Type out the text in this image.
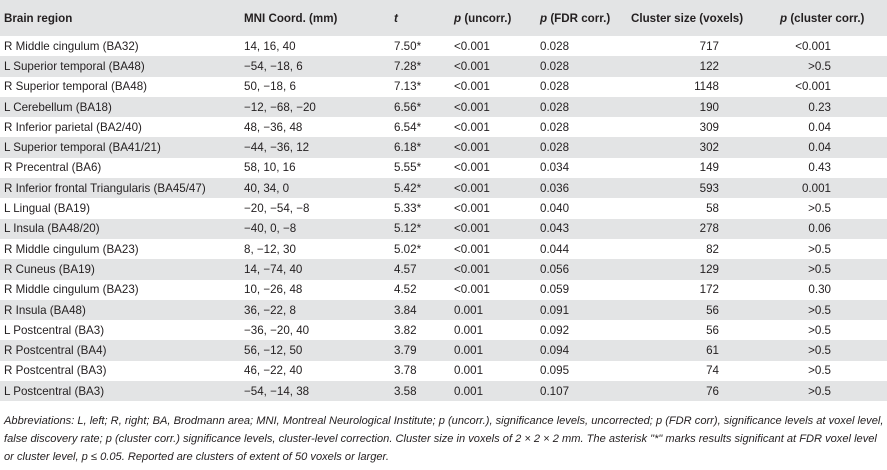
Brain region	MNI Coord. (mm)	t	p (uncorr.)	p (FDR corr.)	Cluster size (voxels)	p (cluster corr.)
R Middle cingulum (BA32)	14, 16, 40	7.50*	<0.001	0.028	717	<0.001
L Superior temporal (BA48)	−54, −18, 6	7.28*	<0.001	0.028	122	>0.5
R Superior temporal (BA48)	50, −18, 6	7.13*	<0.001	0.028	1148	<0.001
L Cerebellum (BA18)	−12, −68, −20	6.56*	<0.001	0.028	190	0.23
R Inferior parietal (BA2/40)	48, −36, 48	6.54*	<0.001	0.028	309	0.04
L Superior temporal (BA41/21)	−44, −36, 12	6.18*	<0.001	0.028	302	0.04
R Precentral (BA6)	58, 10, 16	5.55*	<0.001	0.034	149	0.43
R Inferior frontal Triangularis (BA45/47)	40, 34, 0	5.42*	<0.001	0.036	593	0.001
L Lingual (BA19)	−20, −54, −8	5.33*	<0.001	0.040	58	>0.5
L Insula (BA48/20)	−40, 0, −8	5.12*	<0.001	0.043	278	0.06
R Middle cingulum (BA23)	8, −12, 30	5.02*	<0.001	0.044	82	>0.5
R Cuneus (BA19)	14, −74, 40	4.57	<0.001	0.056	129	>0.5
R Middle cingulum (BA23)	10, −26, 48	4.52	<0.001	0.059	172	0.30
R Insula (BA48)	36, −22, 8	3.84	0.001	0.091	56	>0.5
L Postcentral (BA3)	−36, −20, 40	3.82	0.001	0.092	56	>0.5
R Postcentral (BA4)	56, −12, 50	3.79	0.001	0.094	61	>0.5
R Postcentral (BA3)	46, −22, 40	3.78	0.001	0.095	74	>0.5
L Postcentral (BA3)	−54, −14, 38	3.58	0.001	0.107	76	>0.5
Abbreviations: L, left; R, right; BA, Brodmann area; MNI, Montreal Neurological Institute; p (uncorr.), significance levels, uncorrected; p (FDR corr), significance levels at voxel level, false discovery rate; p (cluster corr.) significance levels, cluster-level correction. Cluster size in voxels of 2 × 2 × 2 mm. The asterisk "*" marks results significant at FDR voxel level or cluster level, p ≤ 0.05. Reported are clusters of extent of 50 voxels or larger.
